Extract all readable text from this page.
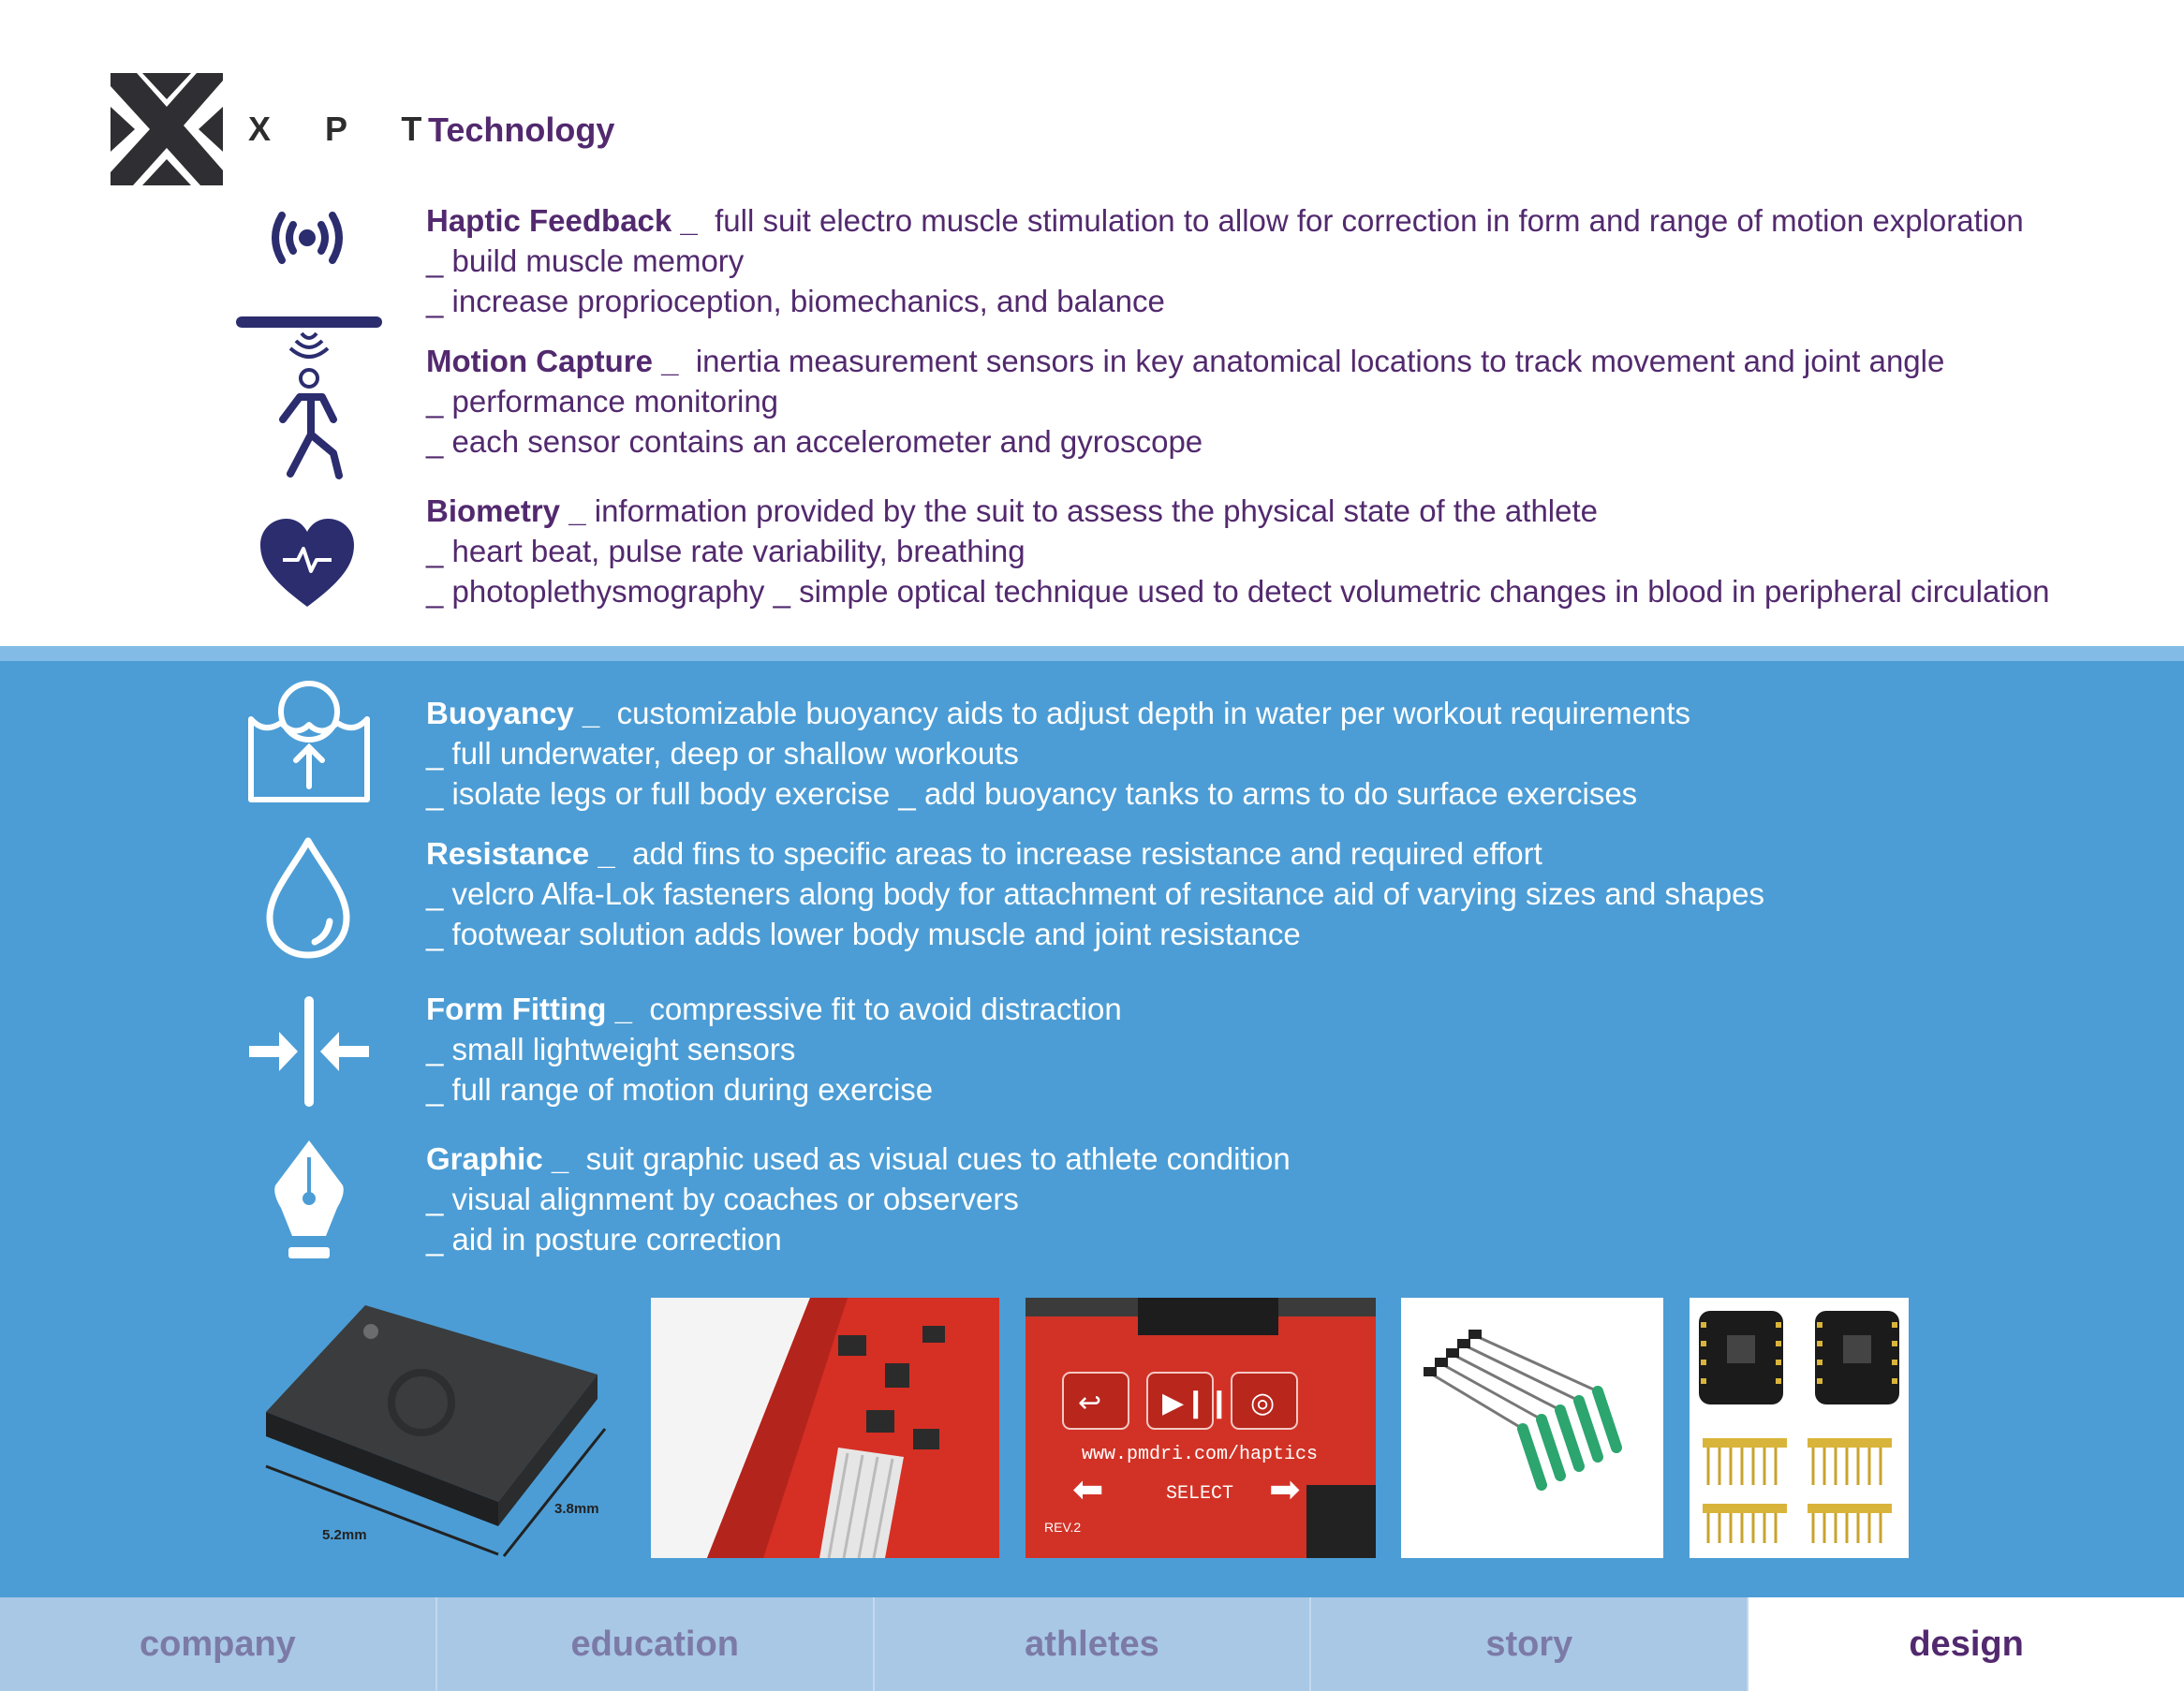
X P T
Technology

Haptic Feedback _ full suit electro muscle stimulation to allow for correction in form and range of motion exploration

_ build muscle memory

_ increase proprioception, biomechanics, and balance

Motion Capture _ inertia measurement sensors in key anatomical locations to track movement and joint angle

_ performance monitoring

_ each sensor contains an accelerometer and gyroscope

Biometry _ information provided by the suit to assess the physical state of the athlete

_ heart beat, pulse rate variability, breathing

_ photoplethysmography _ simple optical technique used to detect volumetric changes in blood in peripheral circulation

Buoyancy _ customizable buoyancy aids to adjust depth in water per workout requirements

_ full underwater, deep or shallow workouts

_ isolate legs or full body exercise _ add buoyancy tanks to arms to do surface exercises

Resistance _ add fins to specific areas to increase resistance and required effort

_ velcro Alfa-Lok fasteners along body for attachment of resitance aid of varying sizes and shapes

_ footwear solution adds lower body muscle and joint resistance

Form Fitting _ compressive fit to avoid distraction

_ small lightweight sensors

_ full range of motion during exercise

Graphic _ suit graphic used as visual cues to athlete condition

_ visual alignment by coaches or observers

_ aid in posture correction

5.2mm
3.8mm
↩ ▶❙❙ ◎
www.pmdri.com/haptics
SELECT
⬅	➡
REV.2
company	education	athletes	story	design
